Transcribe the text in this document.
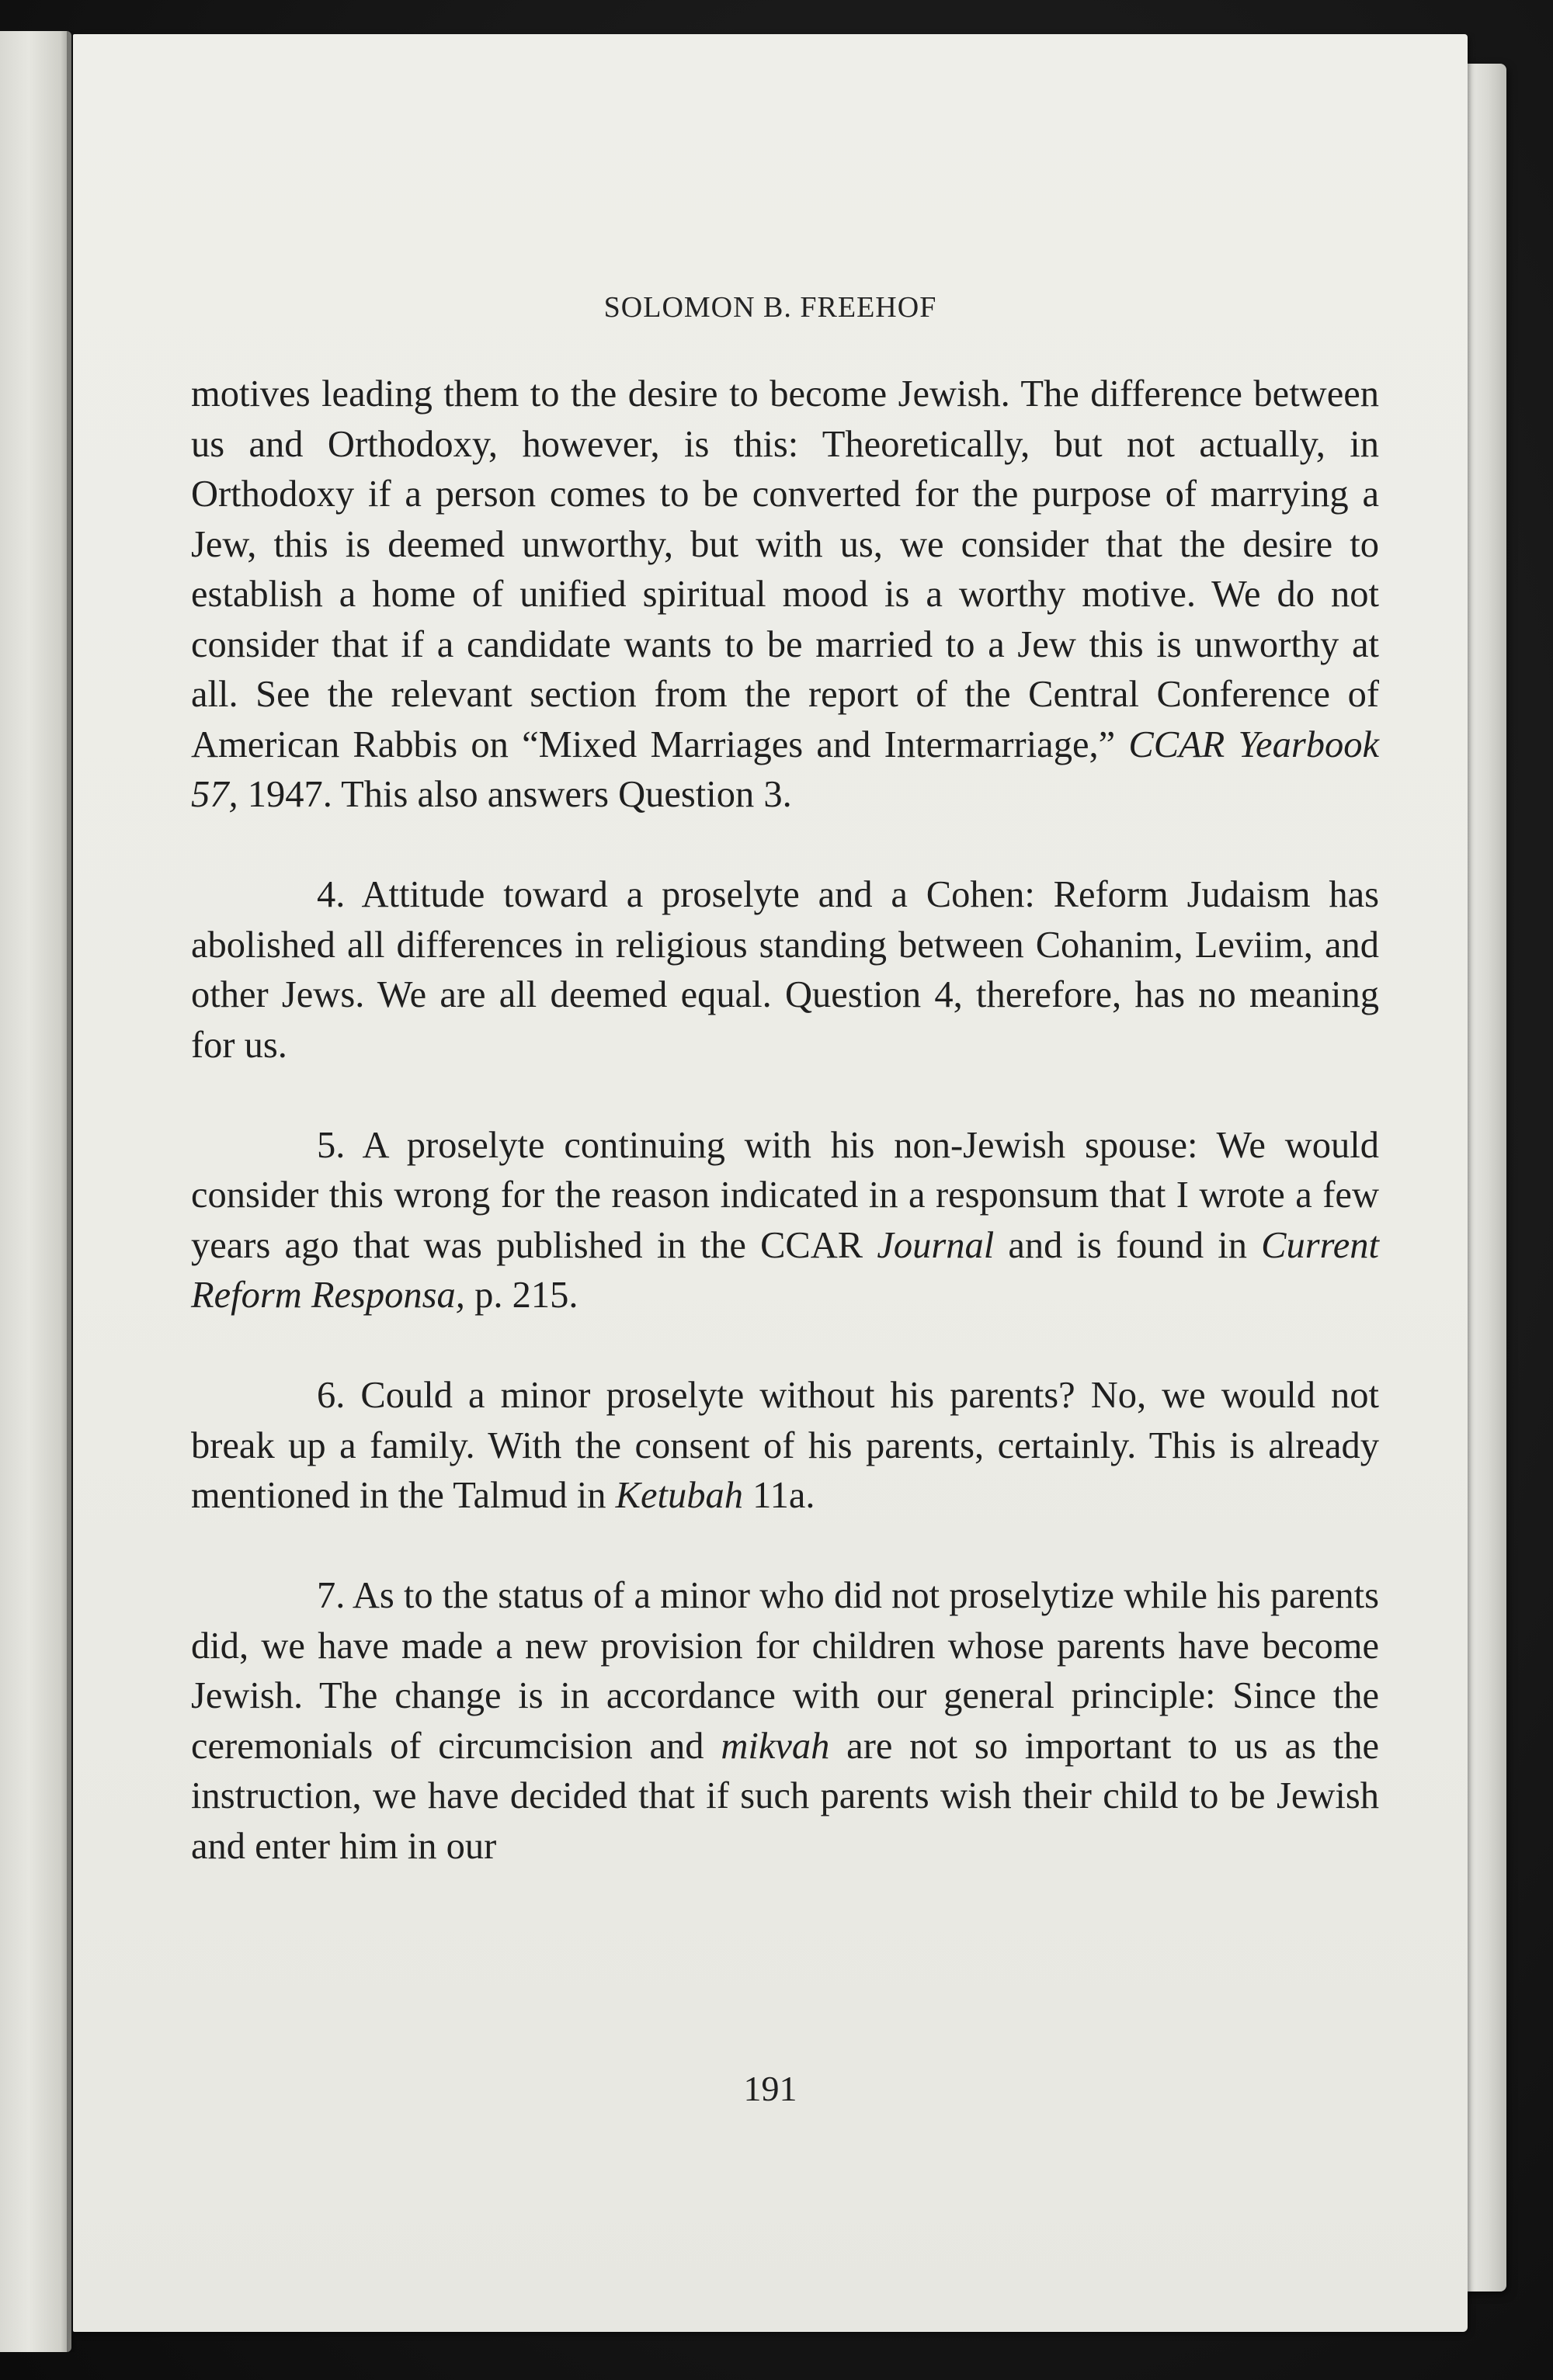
SOLOMON B. FREEHOF

motives leading them to the desire to become Jewish. The difference between us and Orthodoxy, however, is this: Theoretically, but not actually, in Orthodoxy if a person comes to be converted for the purpose of marrying a Jew, this is deemed unworthy, but with us, we consider that the desire to establish a home of unified spiritual mood is a worthy motive. We do not consider that if a candidate wants to be married to a Jew this is unworthy at all. See the relevant section from the report of the Central Conference of American Rabbis on “Mixed Marriages and Intermarriage,” CCAR Yearbook 57, 1947. This also answers Question 3.

4. Attitude toward a proselyte and a Cohen: Reform Judaism has abolished all differences in religious standing between Cohanim, Leviim, and other Jews. We are all deemed equal. Question 4, therefore, has no meaning for us.

5. A proselyte continuing with his non-Jewish spouse: We would consider this wrong for the reason indicated in a responsum that I wrote a few years ago that was published in the CCAR Journal and is found in Current Reform Responsa, p. 215.

6. Could a minor proselyte without his parents? No, we would not break up a family. With the consent of his parents, certainly. This is already mentioned in the Talmud in Ketubah 11a.

7. As to the status of a minor who did not proselytize while his parents did, we have made a new provision for children whose parents have become Jewish. The change is in accordance with our general principle: Since the ceremonials of circumcision and mikvah are not so important to us as the instruction, we have decided that if such parents wish their child to be Jewish and enter him in our

191
